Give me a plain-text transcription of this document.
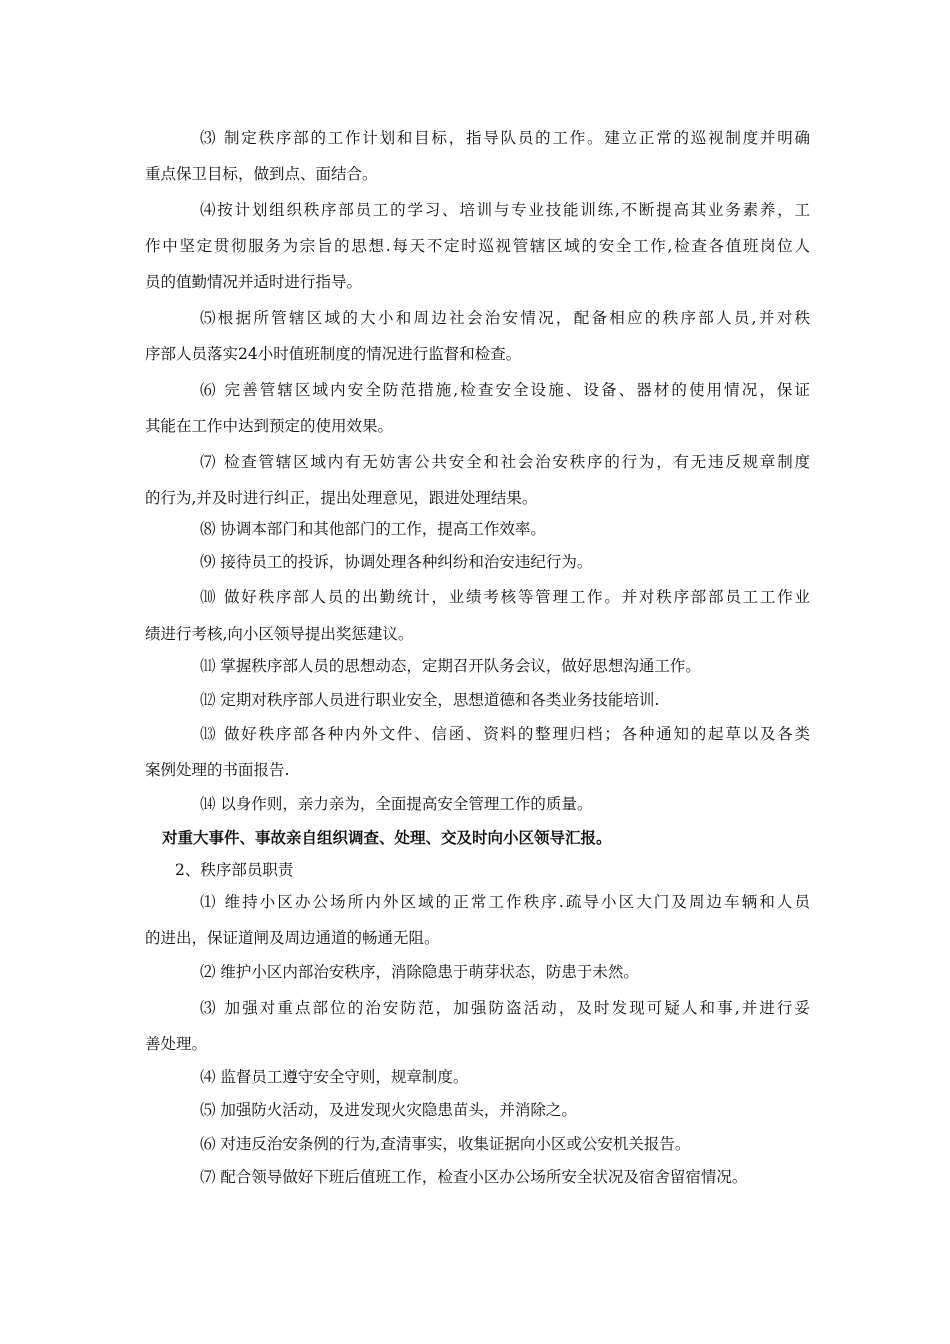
⑶ 制定秩序部的工作计划和目标，指导队员的工作。建立正常的巡视制度并明确
重点保卫目标，做到点、面结合。
⑷按计划组织秩序部员工的学习、培训与专业技能训练,不断提高其业务素养，工
作中坚定贯彻服务为宗旨的思想.每天不定时巡视管辖区域的安全工作,检查各值班岗位人
员的值勤情况并适时进行指导。
⑸根据所管辖区域的大小和周边社会治安情况，配备相应的秩序部人员,并对秩
序部人员落实24小时值班制度的情况进行监督和检查。
⑹ 完善管辖区域内安全防范措施,检查安全设施、设备、器材的使用情况，保证
其能在工作中达到预定的使用效果。
⑺ 检查管辖区域内有无妨害公共安全和社会治安秩序的行为，有无违反规章制度
的行为,并及时进行纠正，提出处理意见，跟进处理结果。
⑻ 协调本部门和其他部门的工作，提高工作效率。
⑼ 接待员工的投诉，协调处理各种纠纷和治安违纪行为。
⑽ 做好秩序部人员的出勤统计，业绩考核等管理工作。并对秩序部部员工工作业
绩进行考核,向小区领导提出奖惩建议。
⑾ 掌握秩序部人员的思想动态，定期召开队务会议，做好思想沟通工作。
⑿ 定期对秩序部人员进行职业安全，思想道德和各类业务技能培训.
⒀ 做好秩序部各种内外文件、信函、资料的整理归档；各种通知的起草以及各类
案例处理的书面报告.
⒁ 以身作则，亲力亲为，全面提高安全管理工作的质量。
对重大事件、事故亲自组织调查、处理、交及时向小区领导汇报。
2、秩序部员职责
⑴ 维持小区办公场所内外区域的正常工作秩序.疏导小区大门及周边车辆和人员
的进出，保证道闸及周边通道的畅通无阻。
⑵ 维护小区内部治安秩序，消除隐患于萌芽状态，防患于未然。
⑶ 加强对重点部位的治安防范，加强防盗活动，及时发现可疑人和事,并进行妥
善处理。
⑷ 监督员工遵守安全守则，规章制度。
⑸ 加强防火活动，及进发现火灾隐患苗头，并消除之。
⑹ 对违反治安条例的行为,查清事实，收集证据向小区或公安机关报告。
⑺ 配合领导做好下班后值班工作，检查小区办公场所安全状况及宿舍留宿情况。
